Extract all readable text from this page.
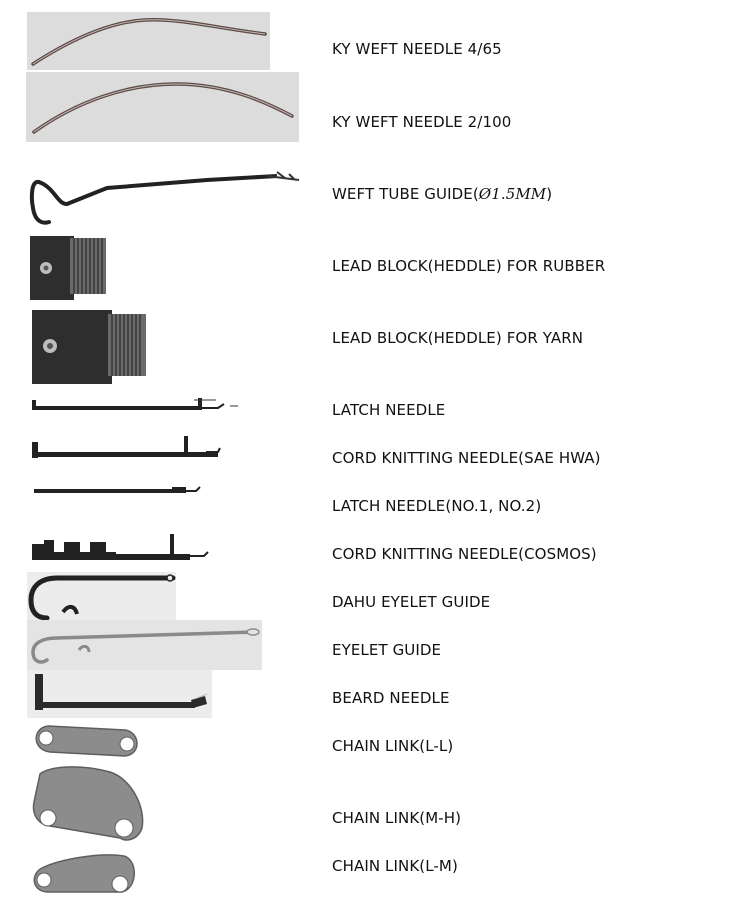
KY WEFT NEEDLE 4/65
KY WEFT NEEDLE 2/100
WEFT TUBE GUIDE(Ø1.5MM)
LEAD BLOCK(HEDDLE) FOR RUBBER
LEAD BLOCK(HEDDLE) FOR YARN
LATCH NEEDLE
CORD KNITTING NEEDLE(SAE HWA)
LATCH NEEDLE(NO.1, NO.2)
CORD KNITTING NEEDLE(COSMOS)
DAHU EYELET GUIDE
EYELET GUIDE
BEARD NEEDLE
CHAIN LINK(L-L)
CHAIN LINK(M-H)
CHAIN LINK(L-M)
